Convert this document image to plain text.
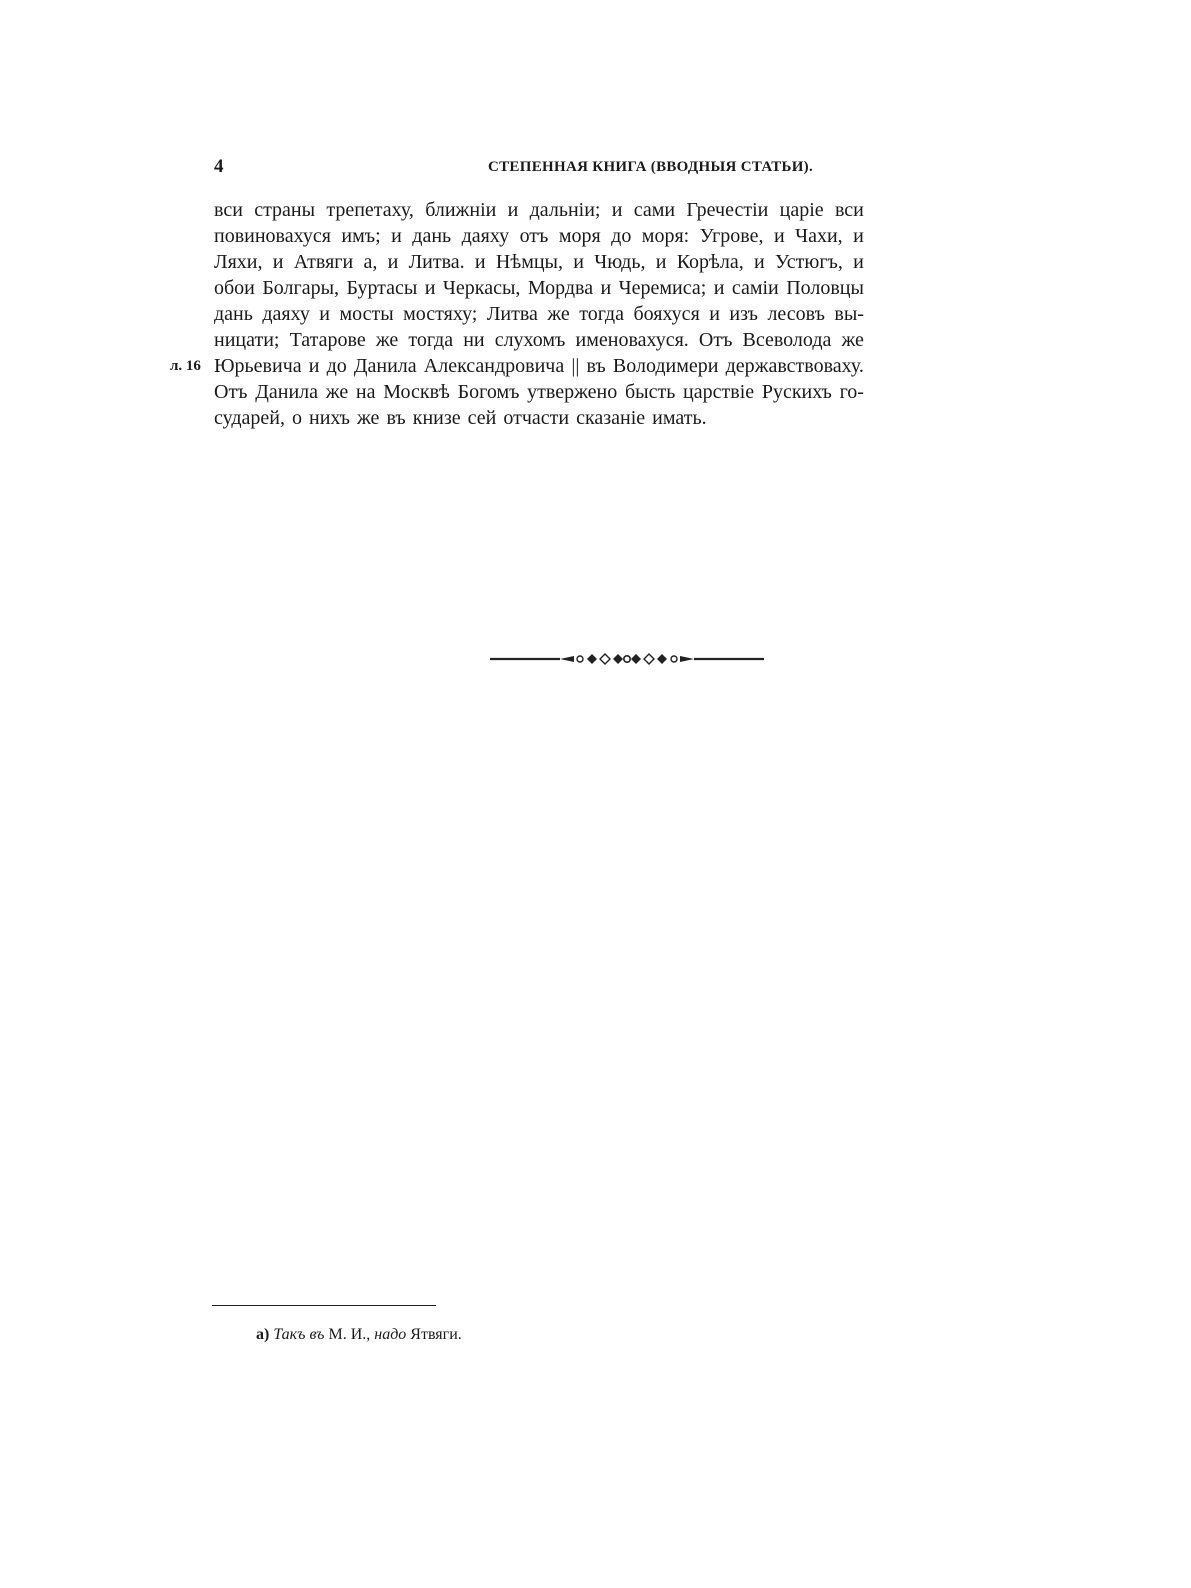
4	СТЕПЕННАЯ КНИГА (ВВОДНЫЯ СТАТЬИ).
вси страны трепетаху, ближнiи и дальнiи; и сами Гречестiи царiе вси
повиновахуся имъ; и дань даяху отъ моря до моря: Угрове, и Чахи, и
Ляхи, и Атвяги а, и Литва. и Нѣмцы, и Чюдь, и Корѣла, и Устюгъ, и
обои Болгары, Буртасы и Черкасы, Мордва и Черемиса; и самiи Половцы
дань даяху и мосты мостяху; Литва же тогда бояхуся и изъ лесовъ вы-
ницати; Татарове же тогда ни слухомъ именовахуся. Отъ Всеволода же
Юрьевича и до Данила Александровича || въ Володимери державствоваху.
Отъ Данила же на Москвѣ Богомъ утвержено бысть царствiе Рускихъ го-
сударей, о нихъ же въ книзе сей отчасти сказанiе имать.
л. 16
а) Такъ въ М. И., надо Ятвяги.
